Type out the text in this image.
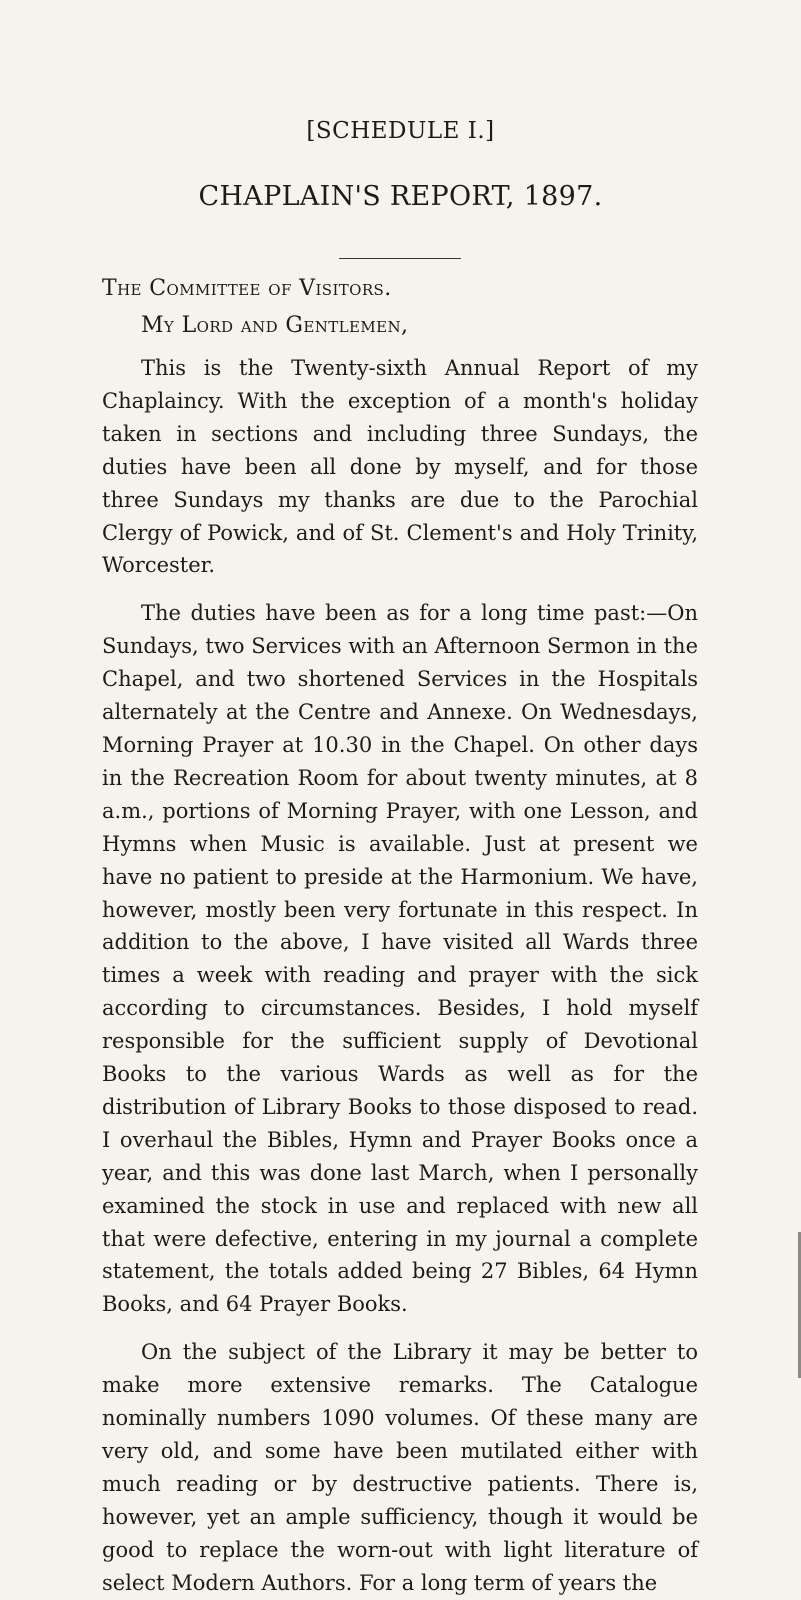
[SCHEDULE I.]
CHAPLAIN'S REPORT, 1897.
The Committee of Visitors.
My Lord and Gentlemen,

This is the Twenty-sixth Annual Report of my Chaplaincy. With the exception of a month's holiday taken in sections and including three Sundays, the duties have been all done by myself, and for those three Sundays my thanks are due to the Parochial Clergy of Powick, and of St. Clement's and Holy Trinity, Worcester.

The duties have been as for a long time past:—On Sundays, two Services with an Afternoon Sermon in the Chapel, and two shortened Services in the Hospitals alternately at the Centre and Annexe. On Wednesdays, Morning Prayer at 10.30 in the Chapel. On other days in the Recreation Room for about twenty minutes, at 8 a.m., portions of Morning Prayer, with one Lesson, and Hymns when Music is available. Just at present we have no patient to preside at the Harmonium. We have, however, mostly been very fortunate in this respect. In addition to the above, I have visited all Wards three times a week with reading and prayer with the sick according to circumstances. Besides, I hold myself responsible for the sufficient supply of Devotional Books to the various Wards as well as for the distribution of Library Books to those disposed to read. I overhaul the Bibles, Hymn and Prayer Books once a year, and this was done last March, when I personally examined the stock in use and replaced with new all that were defective, entering in my journal a complete statement, the totals added being 27 Bibles, 64 Hymn Books, and 64 Prayer Books.

On the subject of the Library it may be better to make more extensive remarks. The Catalogue nominally numbers 1090 volumes. Of these many are very old, and some have been mutilated either with much reading or by destructive patients. There is, however, yet an ample sufficiency, though it would be good to replace the worn-out with light literature of select Modern Authors. For a long term of years the
